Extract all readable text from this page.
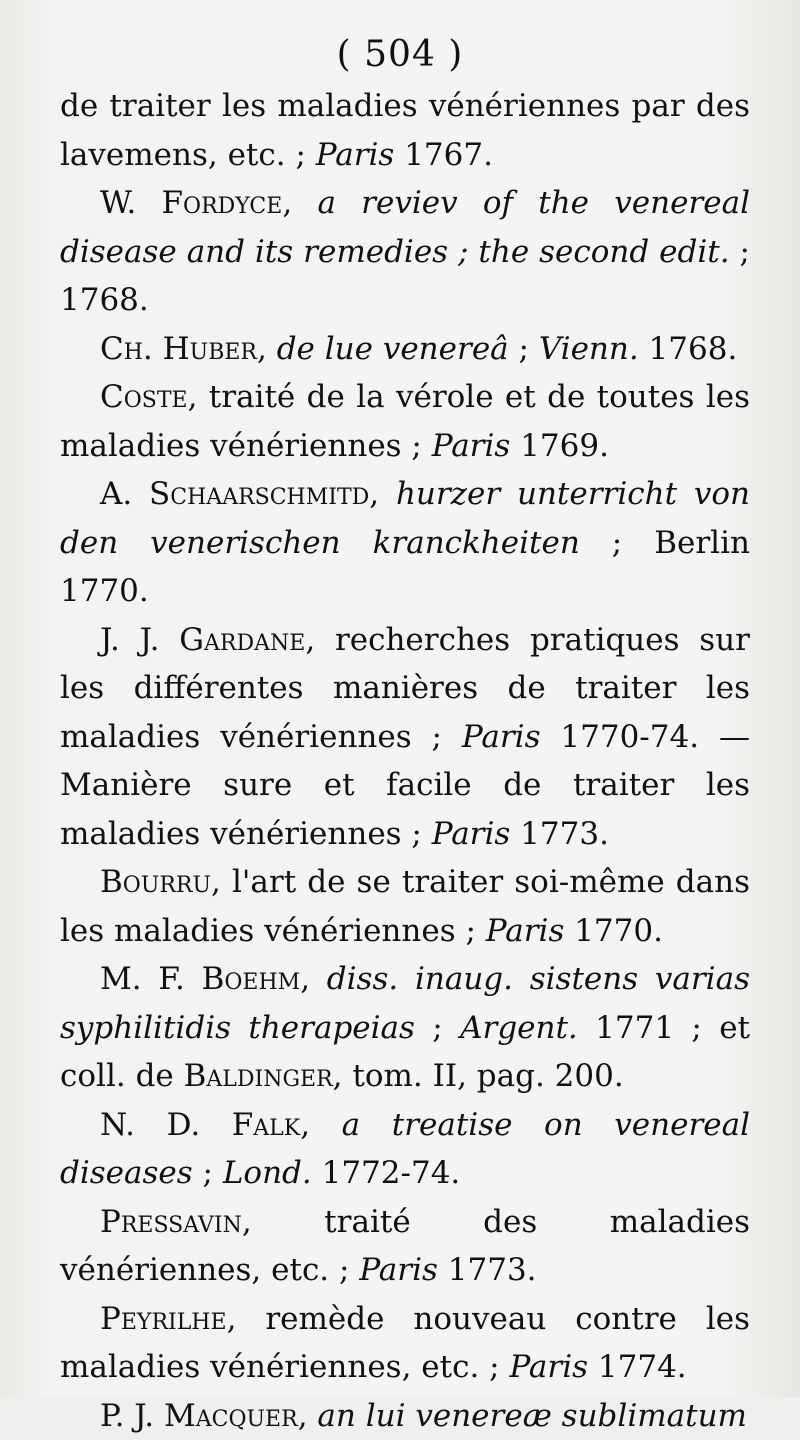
( 504 )

de traiter les maladies vénériennes par des lavemens, etc. ; Paris 1767.

W. Fordyce, a reviev of the venereal disease and its remedies ; the second edit. ; 1768.

Ch. Huber, de lue venereâ ; Vienn. 1768.

Coste, traité de la vérole et de toutes les maladies vénériennes ; Paris 1769.

A. Schaarschmitd, hurzer unterricht von den venerischen kranckheiten ; Berlin 1770.

J. J. Gardane, recherches pratiques sur les différentes manières de traiter les maladies vénériennes ; Paris 1770-74. — Manière sure et facile de traiter les maladies vénériennes ; Paris 1773.

Bourru, l'art de se traiter soi-même dans les maladies vénériennes ; Paris 1770.

M. F. Boehm, diss. inaug. sistens varias syphilitidis therapeias ; Argent. 1771 ; et coll. de Baldinger, tom. II, pag. 200.

N. D. Falk, a treatise on venereal diseases ; Lond. 1772-74.

Pressavin, traité des maladies vénériennes, etc. ; Paris 1773.

Peyrilhe, remède nouveau contre les maladies vénériennes, etc. ; Paris 1774.

P. J. Macquer, an lui venereæ sublimatum
